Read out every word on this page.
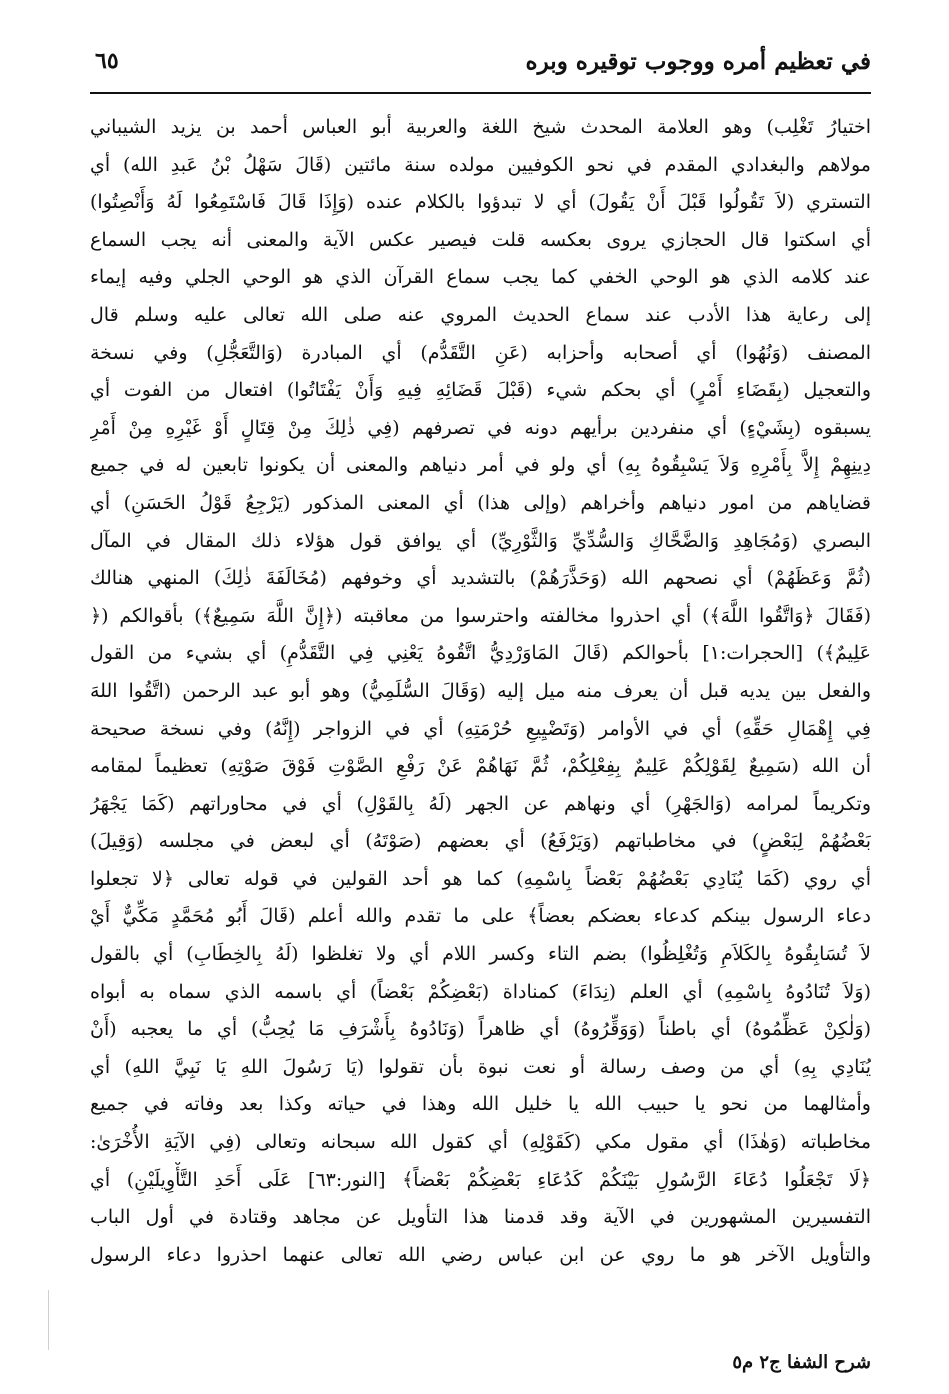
في تعظيم أمره ووجوب توقيره وبره
٦٥
اختيارُ تَغْلِب) وهو العلامة المحدث شيخ اللغة والعربية أبو العباس أحمد بن يزيد الشيباني
مولاهم والبغدادي المقدم في نحو الكوفيين مولده سنة مائتين (قَالَ سَهْلُ بْنُ عَبدِ الله) أي
التستري (لاَ تَقُولُوا قَبْلَ أَنْ يَقُولَ) أي لا تبدؤوا بالكلام عنده (وَإِذَا قَالَ فَاسْتَمِعُوا لَهُ وَأَنْصِتُوا)
أي اسكتوا قال الحجازي يروى بعكسه قلت فيصير عكس الآية والمعنى أنه يجب السماع
عند كلامه الذي هو الوحي الخفي كما يجب سماع القرآن الذي هو الوحي الجلي وفيه إيماء
إلى رعاية هذا الأدب عند سماع الحديث المروي عنه صلى الله تعالى عليه وسلم قال
المصنف (وَنُهُوا) أي أصحابه وأحزابه (عَنِ التَّقَدُّم) أي المبادرة (وَالتَّعَجُّلِ) وفي نسخة
والتعجيل (بِقَضَاءِ أَمْرٍ) أي بحكم شيء (قَبْلَ قَضَائِهِ فِيهِ وَأَنْ يَفْتَاتُوا) افتعال من الفوت أي
يسبقوه (بِشَيْءٍ) أي منفردين برأيهم دونه في تصرفهم (فِي ذٰلِكَ مِنْ قِتَالٍ أَوْ غَيْرِهِ مِنْ أَمْرِ
دِينِهِمْ إِلاَّ بِأَمْرِهِ وَلاَ يَسْبِقُوهُ بِهِ) أي ولو في أمر دنياهم والمعنى أن يكونوا تابعين له في جميع
قضاياهم من امور دنياهم وأخراهم (وإلى هذا) أي المعنى المذكور (يَرْجِعُ قَوْلُ الحَسَنِ) أي
البصري (وَمُجَاهِدِ وَالضَّحَّاكِ وَالسُّدِّيِّ وَالثَّوْرِيِّ) أي يوافق قول هؤلاء ذلك المقال في المآل
(ثُمَّ وَعَظَهُمْ) أي نصحهم الله (وَحَذَّرَهُمْ) بالتشديد أي وخوفهم (مُخَالَفَةَ ذٰلِكَ) المنهي هنالك
(فَقَالَ ﴿وَاتَّقُوا اللَّهَ﴾) أي احذروا مخالفته واحترسوا من معاقبته (﴿إِنَّ اللَّهَ سَمِيعٌ﴾) بأقوالكم (﴿
عَلِيمٌ﴾) [الحجرات:١] بأحوالكم (قَالَ المَاوَرْدِيُّ اتَّقُوهُ يَعْنِي فِي التَّقَدُّمِ) أي بشيء من القول
والفعل بين يديه قبل أن يعرف منه ميل إليه (وَقَالَ السُّلَمِيُّ) وهو أبو عبد الرحمن (اتَّقُوا اللهَ
فِي إِهْمَالِ حَقِّهِ) أي في الأوامر (وَتَضْيِيعِ حُرْمَتِهِ) أي في الزواجر (إِنَّهُ) وفي نسخة صحيحة
أن الله (سَمِيعٌ لِقَوْلِكُمْ عَلِيمٌ بِفِعْلِكُمْ، ثُمَّ نَهَاهُمْ عَنْ رَفْعِ الصَّوْتِ فَوْقَ صَوْتِهِ) تعظيماً لمقامه
وتكريماً لمرامه (وَالجَهْرِ) أي ونهاهم عن الجهر (لَهُ بِالقَوْلِ) أي في محاوراتهم (كَمَا يَجْهَرُ
بَعْضُهُمْ لِبَعْضٍ) في مخاطباتهم (وَيَرْفَعُ) أي بعضهم (صَوْتَهُ) أي لبعض في مجلسه (وَقِيلَ)
أي روي (كَمَا يُنَادِي بَعْضُهُمْ بَعْضاً بِاسْمِهِ) كما هو أحد القولين في قوله تعالى ﴿لا تجعلوا
دعاء الرسول بينكم كدعاء بعضكم بعضاً﴾ على ما تقدم والله أعلم (قَالَ أَبُو مُحَمَّدٍ مَكِّيٌّ أَيْ
لاَ تُسَابِقُوهُ بِالكَلاَمِ وَتُغْلِظُوا) بضم التاء وكسر اللام أي ولا تغلظوا (لَهُ بِالخِطَابِ) أي بالقول
(وَلاَ تُنَادُوهُ بِاسْمِهِ) أي العلم (نِدَاءَ) كمناداة (بَعْضِكُمْ بَعْضاً) أي باسمه الذي سماه به أبواه
(وَلٰكِنْ عَظِّمُوهُ) أي باطناً (وَوَقِّرُوهُ) أي ظاهراً (وَنَادُوهُ بِأَشْرَفِ مَا يُحِبُّ) أي ما يعجبه (أَنْ
يُنَادِي بِهِ) أي من وصف رسالة أو نعت نبوة بأن تقولوا (يَا رَسُولَ اللهِ يَا نَبِيَّ اللهِ) أي
وأمثالهما من نحو يا حبيب الله يا خليل الله وهذا في حياته وكذا بعد وفاته في جميع
مخاطباته (وَهٰذَا) أي مقول مكي (كَقَوْلِهِ) أي كقول الله سبحانه وتعالى (فِي الآيَةِ الأُخْرَىٰ:
﴿لَا تَجْعَلُوا دُعَاءَ الرَّسُولِ بَيْنَكُمْ كَدُعَاءِ بَعْضِكُمْ بَعْضاً﴾ [النور:٦٣] عَلَى أَحَدِ التَّأْوِيلَيْنِ) أي
التفسيرين المشهورين في الآية وقد قدمنا هذا التأويل عن مجاهد وقتادة في أول الباب
والتأويل الآخر هو ما روي عن ابن عباس رضي الله تعالى عنهما احذروا دعاء الرسول
شرح الشفا ج٢ م٥
